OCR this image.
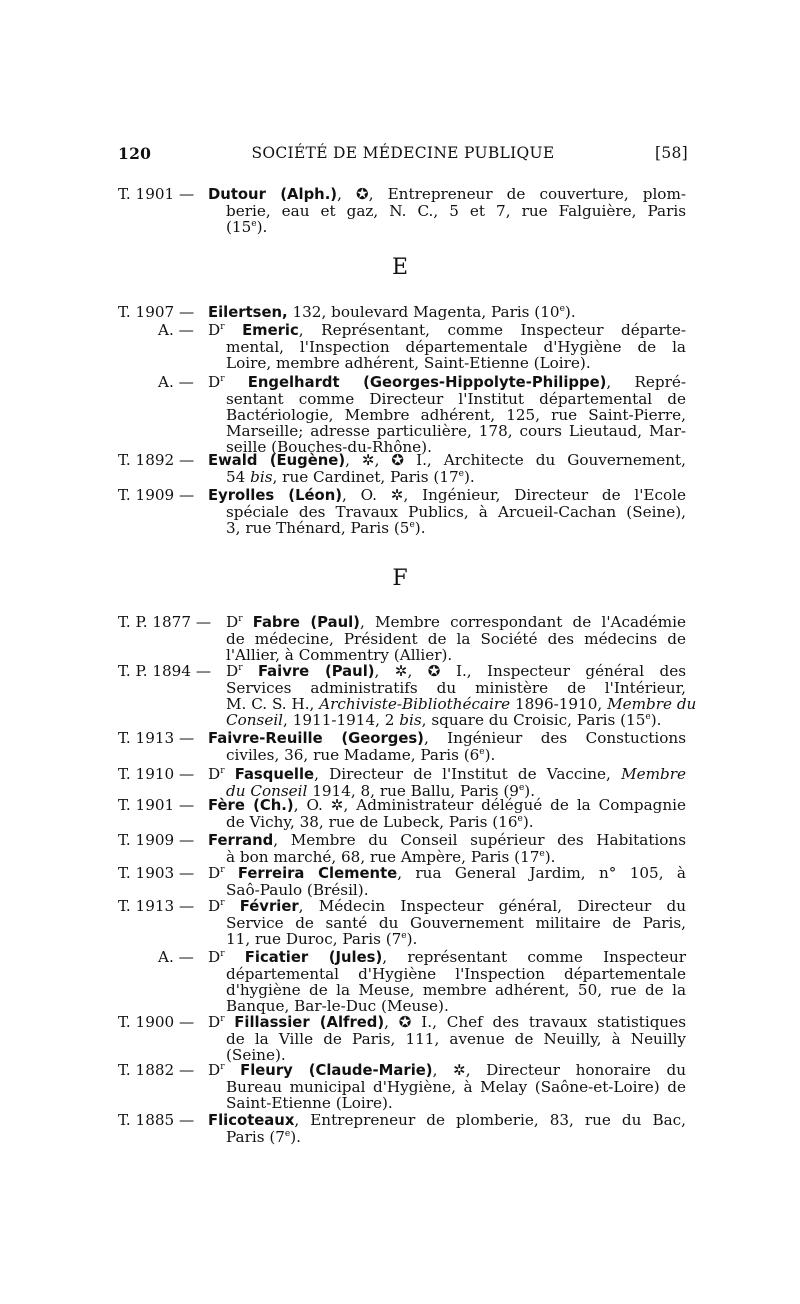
120	SOCIÉTÉ DE MÉDECINE PUBLIQUE	[58]
E
F
T. 1901 — Dutour (Alph.), ✪, Entrepreneur de couverture, plom-

berie, eau et gaz, N. C., 5 et 7, rue Falguière, Paris

(15e).

T. 1907 — Eilertsen, 132, boulevard Magenta, Paris (10e).

A. — $D^r$ Emeric, Représentant, comme Inspecteur départe-

mental, l'Inspection départementale d'Hygiène de la

Loire, membre adhérent, Saint-Etienne (Loire).

A. — $D^r$ Engelhardt (Georges-Hippolyte-Philippe), Repré-

sentant comme Directeur l'Institut départemental de

Bactériologie, Membre adhérent, 125, rue Saint-Pierre,

Marseille; adresse particulière, 178, cours Lieutaud, Mar-

seille (Bouches-du-Rhône).

T. 1892 — Ewald (Eugène), ✲, ✪ I., Architecte du Gouvernement,

54 bis, rue Cardinet, Paris (17e).

T. 1909 — Eyrolles (Léon), O. ✲, Ingénieur, Directeur de l'Ecole

spéciale des Travaux Publics, à Arcueil-Cachan (Seine),

3, rue Thénard, Paris (5e).

T. P. 1877 — $D^r$ Fabre (Paul), Membre correspondant de l'Académie

de médecine, Président de la Société des médecins de

l'Allier, à Commentry (Allier).

T. P. 1894 — $D^r$ Faivre (Paul), ✲, ✪ I., Inspecteur général des

Services administratifs du ministère de l'Intérieur,

M. C. S. H., Archiviste-Bibliothécaire 1896-1910, Membre du

Conseil, 1911-1914, 2 bis, square du Croisic, Paris (15e).

T. 1913 — Faivre-Reuille (Georges), Ingénieur des Constuctions

civiles, 36, rue Madame, Paris (6e).

T. 1910 — $D^r$ Fasquelle, Directeur de l'Institut de Vaccine, Membre

du Conseil 1914, 8, rue Ballu, Paris (9e).

T. 1901 — Fère (Ch.), O. ✲, Administrateur délégué de la Compagnie

de Vichy, 38, rue de Lubeck, Paris (16e).

T. 1909 — Ferrand, Membre du Conseil supérieur des Habitations

à bon marché, 68, rue Ampère, Paris (17e).

T. 1903 — $D^r$ Ferreira Clemente, rua General Jardim, n° 105, à

Saô-Paulo (Brésil).

T. 1913 — $D^r$ Février, Médecin Inspecteur général, Directeur du

Service de santé du Gouvernement militaire de Paris,

11, rue Duroc, Paris (7e).

A. — $D^r$ Ficatier (Jules), représentant comme Inspecteur

départemental d'Hygiène l'Inspection départementale

d'hygiène de la Meuse, membre adhérent, 50, rue de la

Banque, Bar-le-Duc (Meuse).

T. 1900 — $D^r$ Fillassier (Alfred), ✪ I., Chef des travaux statistiques

de la Ville de Paris, 111, avenue de Neuilly, à Neuilly

(Seine).

T. 1882 — $D^r$ Fleury (Claude-Marie), ✲, Directeur honoraire du

Bureau municipal d'Hygiène, à Melay (Saône-et-Loire) de

Saint-Etienne (Loire).

T. 1885 — Flicoteaux, Entrepreneur de plomberie, 83, rue du Bac,

Paris (7e).
